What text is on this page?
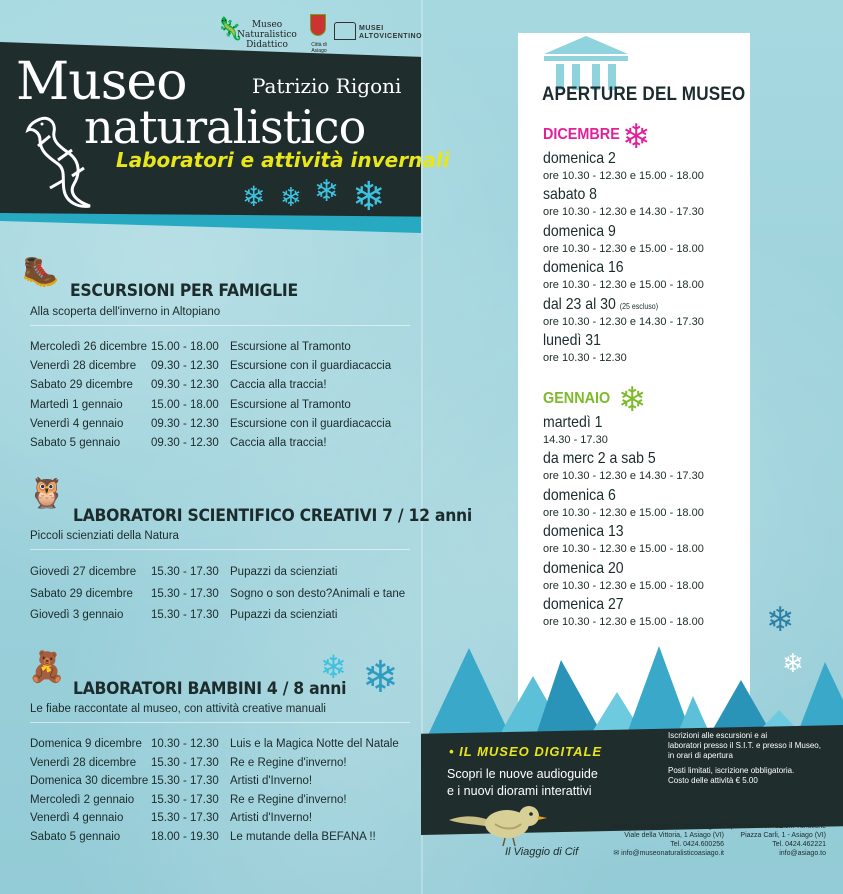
🦎 Museo
Naturalistico
Didattico	Città di Asiago
MUSEI
ALTOVICENTINO
Museo	Patrizio Rigoni
naturalistico
Laboratori e attività invernali
❄ ❄ ❄ ❄
🥾
ESCURSIONI PER FAMIGLIE
Alla scoperta dell'inverno in Altopiano
Mercoledì 26 dicembre 15.00 - 18.00 Escursione al Tramonto
Venerdì 28 dicembre 09.30 - 12.30 Escursione con il guardiacaccia
Sabato 29 dicembre 09.30 - 12.30 Caccia alla traccia!
Martedì 1 gennaio 15.00 - 18.00 Escursione al Tramonto
Venerdì 4 gennaio 09.30 - 12.30 Escursione con il guardiacaccia
Sabato 5 gennaio	09.30 - 12.30 Caccia alla traccia!
🦉
LABORATORI SCIENTIFICO CREATIVI 7 / 12 anni
Piccoli scienziati della Natura
Giovedì 27 dicembre 15.30 - 17.30 Pupazzi da scienziati
Sabato 29 dicembre 15.30 - 17.30 Sogno o son desto?Animali e tane
Giovedì 3 gennaio 15.30 - 17.30 Pupazzi da scienziati
🧸	❄ ❄
LABORATORI BAMBINI 4 / 8 anni
Le fiabe raccontate al museo, con attività creative manuali
Domenica 9 dicembre 10.30 - 12.30 Luis e la Magica Notte del Natale
Venerdì 28 dicembre 15.30 - 17.30 Re e Regine d'inverno!
Domenica 30 dicembre 15.30 - 17.30 Artisti d'Inverno!
Mercoledì 2 gennaio 15.30 - 17.30 Re e Regine d'inverno!
Venerdì 4 gennaio 15.30 - 17.30 Artisti d'Inverno!
Sabato 5 gennaio	18.00 - 19.30 Le mutande della BEFANA !!
APERTURE DEL MUSEO
DICEMBRE ❄
domenica 2
ore 10.30 - 12.30 e 15.00 - 18.00
sabato 8
ore 10.30 - 12.30 e 14.30 - 17.30
domenica 9
ore 10.30 - 12.30 e 15.00 - 18.00
domenica 16
ore 10.30 - 12.30 e 15.00 - 18.00
dal 23 al 30 (25 escluso)
ore 10.30 - 12.30 e 14.30 - 17.30
lunedì 31
ore 10.30 - 12.30
GENNAIO ❄
martedì 1
14.30 - 17.30
da merc 2 a sab 5
ore 10.30 - 12.30 e 14.30 - 17.30
domenica 6
ore 10.30 - 12.30 e 15.00 - 18.00
domenica 13
ore 10.30 - 12.30 e 15.00 - 18.00
domenica 20
ore 10.30 - 12.30 e 15.00 - 18.00
domenica 27
ore 10.30 - 12.30 e 15.00 - 18.00 ❄
❄
• IL MUSEO DIGITALE
Scopri le nuove audioguide
e i nuovi diorami interattivi
Iscrizioni alle escursioni e ai
laboratori presso il S.I.T. e presso il Museo,
in orari di apertura
Posti limitati, iscrizione obbligatoria.
Costo delle attività € 5.00
Il Viaggio di Cif
Museo Naturalistico "Patrizio Rigoni"
Viale della Vittoria, 1 Asiago (VI)
Tel. 0424.600256
✉ info@museonaturalisticoasiago.it
Sportello Informazioni Turistiche
Piazza Carli, 1 - Asiago (VI)
Tel. 0424.462221
info@asiago.to
